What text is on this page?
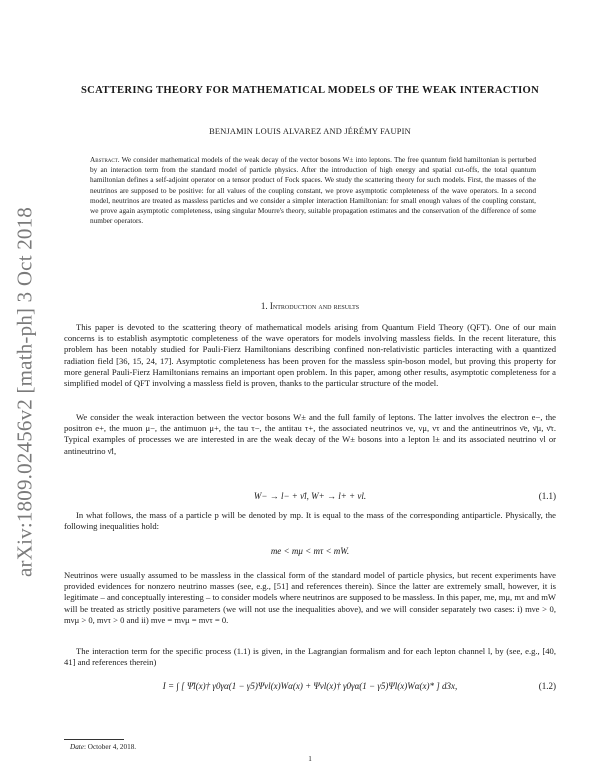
arXiv:1809.02456v2 [math-ph] 3 Oct 2018
SCATTERING THEORY FOR MATHEMATICAL MODELS OF THE WEAK INTERACTION
BENJAMIN LOUIS ALVAREZ AND JÉRÉMY FAUPIN
Abstract. We consider mathematical models of the weak decay of the vector bosons W± into leptons. The free quantum field hamiltonian is perturbed by an interaction term from the standard model of particle physics. After the introduction of high energy and spatial cut-offs, the total quantum hamiltonian defines a self-adjoint operator on a tensor product of Fock spaces. We study the scattering theory for such models. First, the masses of the neutrinos are supposed to be positive: for all values of the coupling constant, we prove asymptotic completeness of the wave operators. In a second model, neutrinos are treated as massless particles and we consider a simpler interaction Hamiltonian: for small enough values of the coupling constant, we prove again asymptotic completeness, using singular Mourre's theory, suitable propagation estimates and the conservation of the difference of some number operators.
1. Introduction and results
This paper is devoted to the scattering theory of mathematical models arising from Quantum Field Theory (QFT). One of our main concerns is to establish asymptotic completeness of the wave operators for models involving massless fields. In the recent literature, this problem has been notably studied for Pauli-Fierz Hamiltonians describing confined non-relativistic particles interacting with a quantized radiation field [36, 15, 24, 17]. Asymptotic completeness has been proven for the massless spin-boson model, but proving this property for more general Pauli-Fierz Hamiltonians remains an important open problem. In this paper, among other results, asymptotic completeness for a simplified model of QFT involving a massless field is proven, thanks to the particular structure of the model.
We consider the weak interaction between the vector bosons W± and the full family of leptons. The latter involves the electron e−, the positron e+, the muon μ−, the antimuon μ+, the tau τ−, the antitau τ+, the associated neutrinos νe, νμ, ντ and the antineutrinos ν̄e, ν̄μ, ν̄τ. Typical examples of processes we are interested in are the weak decay of the W± bosons into a lepton l± and its associated neutrino νl or antineutrino ν̄l,
W− → l− + ν̄l, W+ → l+ + νl.	(1.1)
In what follows, the mass of a particle p will be denoted by mp. It is equal to the mass of the corresponding antiparticle. Physically, the following inequalities hold:
me < mμ < mτ < mW.
Neutrinos were usually assumed to be massless in the classical form of the standard model of particle physics, but recent experiments have provided evidences for nonzero neutrino masses (see, e.g., [51] and references therein). Since the latter are extremely small, however, it is legitimate – and conceptually interesting – to consider models where neutrinos are supposed to be massless. In this paper, me, mμ, mτ and mW will be treated as strictly positive parameters (we will not use the inequalities above), and we will consider separately two cases: i) mνe > 0, mνμ > 0, mντ > 0 and ii) mνe = mνμ = mντ = 0.
The interaction term for the specific process (1.1) is given, in the Lagrangian formalism and for each lepton channel l, by (see, e.g., [40, 41] and references therein)
I = ∫ [ Ψ̄l(x)† γ0γα(1 − γ5)Ψνl(x)Wα(x) + Ψνl(x)† γ0γα(1 − γ5)Ψl(x)Wα(x)* ] d3x,	(1.2)
Date: October 4, 2018.
1
